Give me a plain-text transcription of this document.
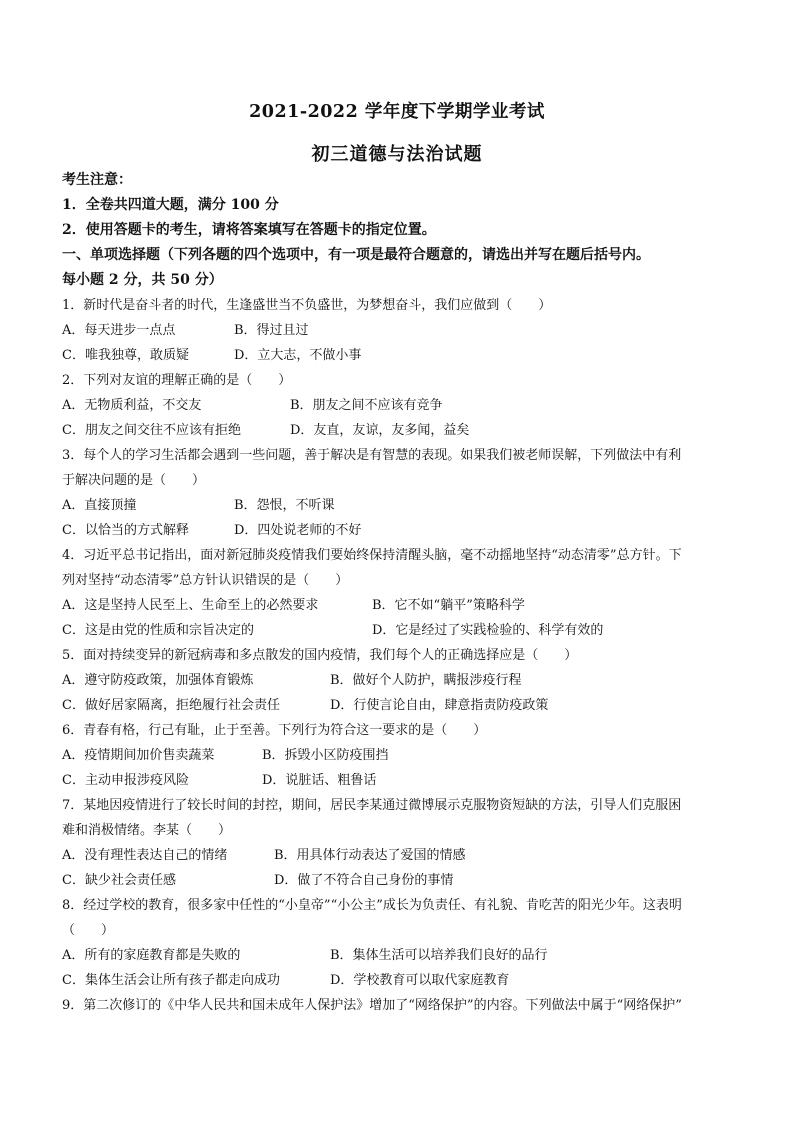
2021-2022 学年度下学期学业考试
初三道德与法治试题
考生注意：
1．全卷共四道大题，满分 100 分
2．使用答题卡的考生，请将答案填写在答题卡的指定位置。
一、单项选择题（下列各题的四个选项中，有一项是最符合题意的，请选出并写在题后括号内。
每小题 2 分，共 50 分）
1．新时代是奋斗者的时代，生逢盛世当不负盛世，为梦想奋斗，我们应做到（　　）
A．每天进步一点点	B．得过且过
C．唯我独尊，敢质疑	D．立大志，不做小事
2．下列对友谊的理解正确的是（　　）
A．无物质利益，不交友	B．朋友之间不应该有竞争
C．朋友之间交往不应该有拒绝	D．友直，友谅，友多闻，益矣
3．每个人的学习生活都会遇到一些问题，善于解决是有智慧的表现。如果我们被老师误解，下列做法中有利
于解决问题的是（　　）
A．直接顶撞	B．怨恨，不听课
C．以恰当的方式解释	D．四处说老师的不好
4．习近平总书记指出，面对新冠肺炎疫情我们要始终保持清醒头脑，毫不动摇地坚持“动态清零”总方针。下
列对坚持“动态清零”总方针认识错误的是（　　）
A．这是坚持人民至上、生命至上的必然要求	B．它不如“躺平”策略科学
C．这是由党的性质和宗旨决定的	D．它是经过了实践检验的、科学有效的
5．面对持续变异的新冠病毒和多点散发的国内疫情，我们每个人的正确选择应是（　　）
A．遵守防疫政策，加强体育锻炼	B．做好个人防护，瞒报涉疫行程
C．做好居家隔离，拒绝履行社会责任	D．行使言论自由，肆意指责防疫政策
6．青春有格，行己有耻，止于至善。下列行为符合这一要求的是（　　）
A．疫情期间加价售卖蔬菜	B．拆毁小区防疫围挡
C．主动申报涉疫风险	D．说脏话、粗鲁话
7．某地因疫情进行了较长时间的封控，期间，居民李某通过微博展示克服物资短缺的方法，引导人们克服困
难和消极情绪。李某（　　）
A．没有理性表达自己的情绪	B．用具体行动表达了爱国的情感
C．缺少社会责任感	D．做了不符合自己身份的事情
8．经过学校的教育，很多家中任性的“小皇帝”“小公主”成长为负责任、有礼貌、肯吃苦的阳光少年。这表明
（　　）
A．所有的家庭教育都是失败的	B．集体生活可以培养我们良好的品行
C．集体生活会让所有孩子都走向成功	D．学校教育可以取代家庭教育
9．第二次修订的《中华人民共和国未成年人保护法》增加了“网络保护”的内容。下列做法中属于“网络保护”
